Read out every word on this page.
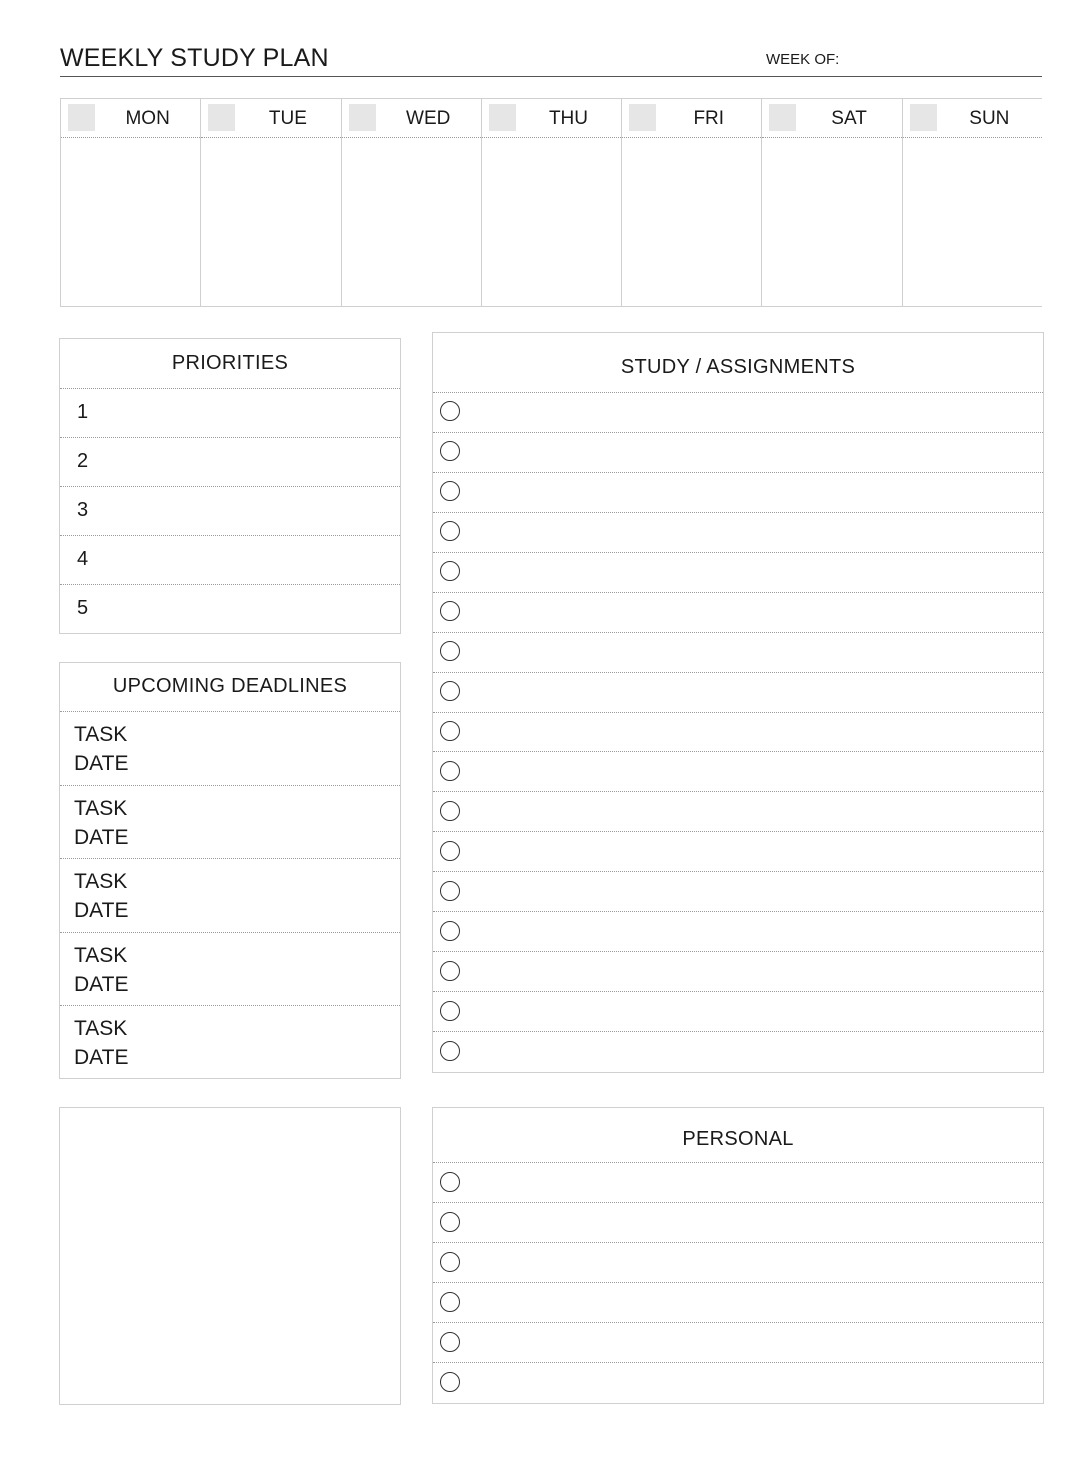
WEEKLY STUDY PLAN	WEEK OF:
MON	TUE	WED	THU	FRI	SAT	SUN
PRIORITIES
1
2
3
4
5
UPCOMING DEADLINES
TASK
DATE
TASK
DATE
TASK
DATE
TASK
DATE
TASK
DATE
STUDY / ASSIGNMENTS
PERSONAL
